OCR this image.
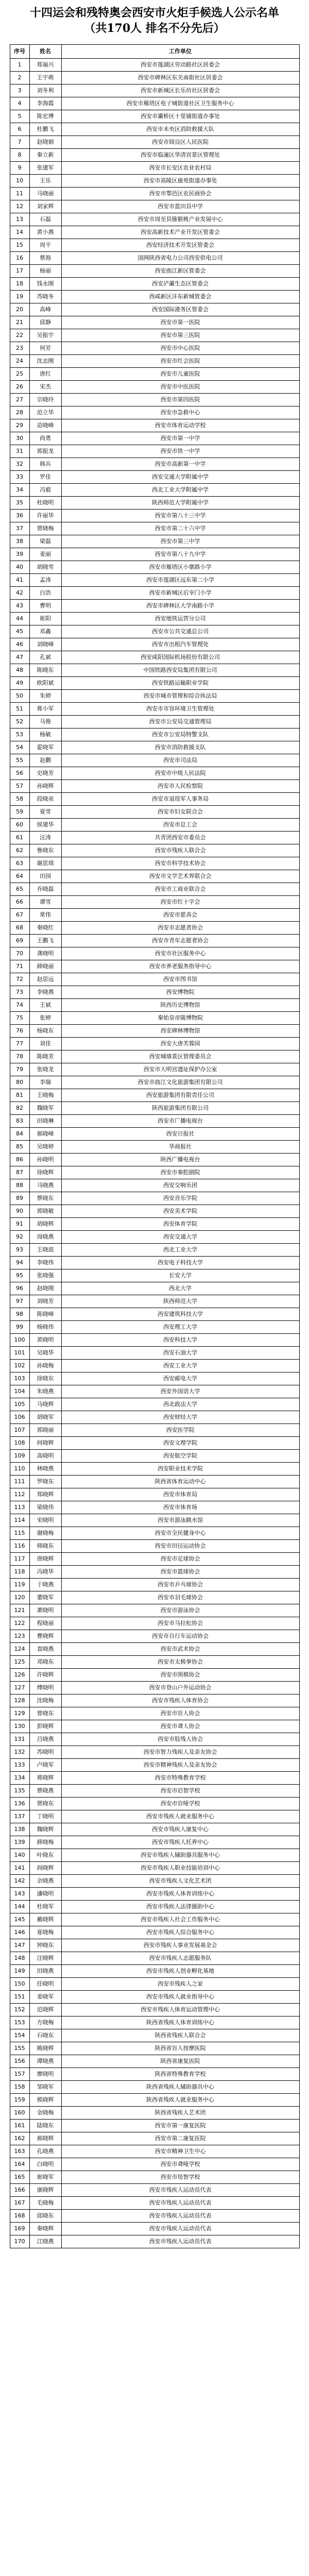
十四运会和残特奥会西安市火炬手候选人公示名单
（共170人 排名不分先后）
序号	姓名	工作单位
1	郑福兴	西安市莲湖区劳动路社区居委会
2	王宇萌	西安市碑林区东关南街社区居委会
3	刘冬利	西安市新城区长乐坊社区居委会
4	李海霞	西安市雁塔区电子城街道社区卫生服务中心
5	陈宏博	西安市灞桥区十里铺街道办事处
6	杜鹏飞	西安市未央区消防救援大队
7	赵晓娟	西安市阎良区人民医院
8	秦立新	西安市临潼区华清宫景区管理处
9	张建军	西安市长安区农业农村局
10	王乐	西安市高陵区鹿苑街道办事处
11	马晓丽	西安市鄠邑区农民画协会
12	刘家辉	西安市蓝田县中学
13	石磊	西安市周至县猕猴桃产业发展中心
14	黄小燕	西安高新技术产业开发区管委会
15	周平	西安经济技术开发区管委会
16	蔡海	国网陕西省电力公司西安供电公司
17	杨丽	西安曲江新区管委会
18	钱永刚	西安浐灞生态区管委会
19	苏晓冬	西咸新区沣东新城管委会
20	高峰	西安国际港务区管委会
21	邱静	西安市第一医院
22	吴振宇	西安市第三医院
23	何芳	西安市中心医院
24	沈志刚	西安市红会医院
25	唐红	西安市儿童医院
26	宋杰	西安市中医医院
27	宗晓玲	西安市第四医院
28	范立华	西安市急救中心
29	苗晓峰	西安市体育运动学校
30	尚勇	西安市第一中学
31	郭振龙	西安市铁一中学
32	韩兵	西安市高新第一中学
33	罗佳	西安交通大学附属中学
34	冯毅	西北工业大学附属中学
35	杜晓明	陕西师范大学附属中学
36	许丽华	西安市第八十三中学
37	贾晓梅	西安市第二十六中学
38	梁磊	西安市第三中学
39	姜丽	西安市第八十九中学
40	胡晓雪	西安市雁塔区小寨路小学
41	孟涛	西安市莲湖区远东第二小学
42	白浩	西安市新城区后宰门小学
43	曹明	西安市碑林区大学南路小学
44	崔阳	西安地铁运营分公司
45	邓鑫	西安市公共交通总公司
46	刘晓峰	西安市出租汽车管理处
47	孔斌	西安咸阳国际机场股份有限公司
48	陈晓东	中国铁路西安局集团有限公司
49	欧阳斌	西安铁路运输职业学院
50	朱婷	西安市城市管理和综合执法局
51	蒋小军	西安市市容环境卫生管理处
52	马俊	西安市公安局交通管理局
53	杨敏	西安市公安局特警支队
54	霍晓军	西安市消防救援支队
55	赵鹏	西安市司法局
56	史晓芳	西安市中级人民法院
57	孙晓辉	西安市人民检察院
58	段晓亮	西安市退役军人事务局
59	夏雪	西安市妇女联合会
60	侯建华	西安市总工会
61	汪涛	共青团西安市委员会
62	鲁晓东	西安市残疾人联合会
63	谢思琪	西安市科学技术协会
64	田园	西安市文学艺术界联合会
65	乔晓磊	西安市工商业联合会
66	谭雪	西安市红十字会
67	常伟	西安市慈善会
68	秦晓红	西安市志愿者协会
69	王鹏飞	西安市青年志愿者协会
70	龚晓明	西安市社区服务中心
71	薛晓丽	西安市养老服务指导中心
72	赵思远	西安市图书馆
73	李晓燕	西安博物院
74	王斌	陕西历史博物馆
75	张婷	秦始皇帝陵博物院
76	杨晓东	西安碑林博物馆
77	刘佳	西安大唐芙蓉园
78	陈晓芳	西安城墙景区管理委员会
79	张晓龙	西安市大明宫遗址保护办公室
80	李瑞	西安市曲江文化旅游集团有限公司
81	王晓梅	西安旅游集团有限责任公司
82	魏晓军	陕西旅游集团有限公司
83	田晓琳	西安市广播电视台
84	郝晓峰	西安日报社
85	吴晓婷	华商报社
86	孙晓明	陕西广播电视台
87	徐晓辉	西安市秦腔剧院
88	马晓燕	西安交响乐团
89	蔡晓东	西安音乐学院
90	郭晓敏	西安美术学院
91	胡晓辉	西安体育学院
92	周晓燕	西安交通大学
93	王晓波	西北工业大学
94	李晓伟	西安电子科技大学
95	张晓强	长安大学
96	赵晓刚	西北大学
97	刘晓芳	陕西师范大学
98	陈晓峰	西安建筑科技大学
99	杨晓伟	西安理工大学
100	黄晓明	西安科技大学
101	吴晓华	西安石油大学
102	孙晓梅	西安工业大学
103	徐晓东	西安邮电大学
104	朱晓燕	西安外国语大学
105	马晓辉	西北政法大学
106	胡晓军	西安财经大学
107	郭晓丽	西安医学院
108	何晓辉	西安文理学院
109	高晓明	西安航空学院
110	林晓燕	西安职业技术学院
111	罗晓东	陕西省体育运动中心
112	郑晓辉	西安市体育局
113	梁晓伟	西安市体育场
114	宋晓明	西安市游泳跳水馆
115	谢晓梅	西安市全民健身中心
116	韩晓东	西安市田径运动协会
117	唐晓辉	西安市足球协会
118	冯晓华	西安市篮球协会
119	于晓燕	西安市乒乓球协会
120	董晓军	西安市羽毛球协会
121	萧晓明	西安市游泳协会
122	程晓丽	西安市马拉松协会
123	曹晓辉	西安市自行车运动协会
124	袁晓燕	西安市武术协会
125	邓晓东	西安市太极拳协会
126	许晓辉	西安市围棋协会
127	傅晓明	西安市登山户外运动协会
128	沈晓梅	西安市残疾人体育协会
129	曾晓东	西安市盲人协会
130	彭晓辉	西安市聋人协会
131	吕晓燕	西安市肢残人协会
132	苏晓明	西安市智力残疾人及亲友协会
133	卢晓军	西安市精神残疾人及亲友协会
134	蒋晓辉	西安市特殊教育学校
135	蔡晓燕	西安市启智学校
136	贾晓东	西安市盲哑学校
137	丁晓明	西安市残疾人就业服务中心
138	魏晓辉	西安市残疾人康复中心
139	薛晓梅	西安市残疾人托养中心
140	叶晓东	西安市残疾人辅助器具服务中心
141	阎晓辉	西安市残疾人职业技能培训中心
142	余晓燕	西安市残疾人文化艺术团
143	潘晓明	西安市残疾人体育训练中心
144	杜晓军	西安市残疾人法律援助中心
145	戴晓辉	西安市残疾人社会工作服务中心
146	夏晓梅	西安市残疾人综合服务中心
147	钟晓东	西安市残疾人事业发展基金会
148	汪晓辉	西安市残疾人志愿服务队
149	田晓燕	西安市残疾人创业孵化基地
150	任晓明	西安市残疾人之家
151	姜晓军	西安市残疾人就业指导中心
152	范晓辉	西安市残疾人体育运动管理中心
153	方晓梅	陕西省残疾人体育训练中心
154	石晓东	陕西省残疾人联合会
155	姚晓辉	陕西省盲人按摩医院
156	谭晓燕	陕西省康复医院
157	廖晓明	陕西省特殊教育学校
158	邹晓军	陕西省残疾人辅助器具中心
159	熊晓辉	陕西省残疾人就业服务中心
160	金晓梅	陕西省残疾人艺术团
161	陆晓东	西安市第一康复医院
162	郝晓辉	西安市第二康复医院
163	孔晓燕	西安市精神卫生中心
164	白晓明	西安市聋哑学校
165	崔晓军	西安市培智学校
166	康晓辉	西安市残疾人运动员代表
167	毛晓梅	西安市残疾人运动员代表
168	邱晓东	西安市残疾人运动员代表
169	秦晓辉	西安市残疾人运动员代表
170	江晓燕	西安市残疾人运动员代表
